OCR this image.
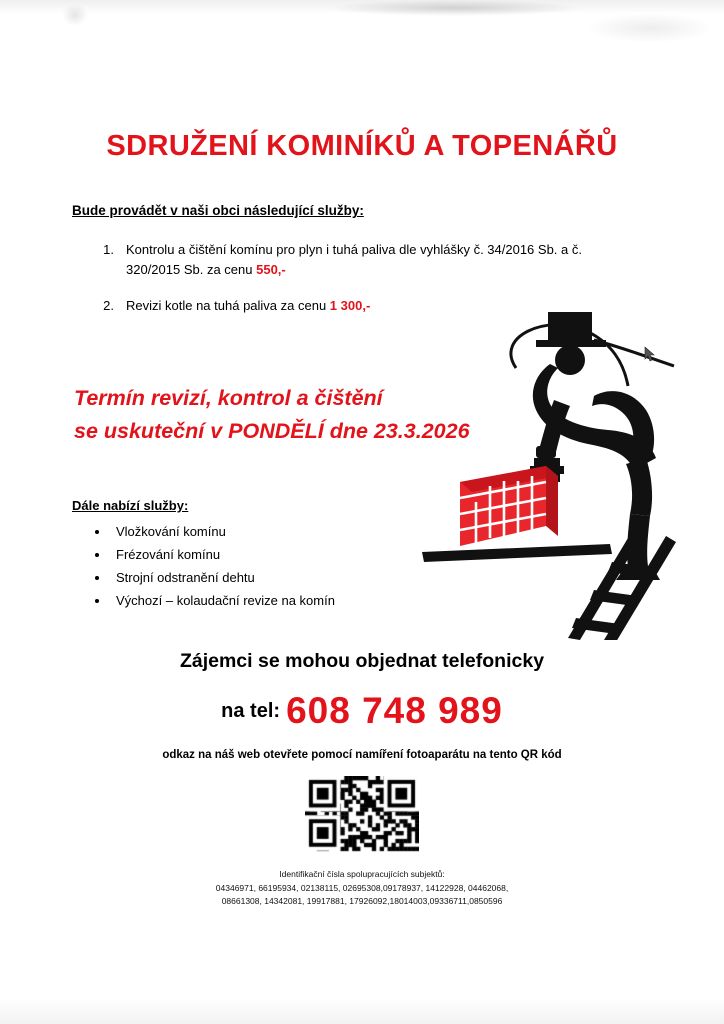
SDRUŽENÍ KOMINÍKŮ A TOPENÁŘŮ
Bude provádět v naši obci následující služby:
1. Kontrolu a čištění komínu pro plyn i tuhá paliva dle vyhlášky č. 34/2016 Sb. a č. 320/2015 Sb. za cenu 550,-
2. Revizi kotle na tuhá paliva za cenu 1 300,-
Termín revizí, kontrol a čištění
se uskuteční v PONDĚLÍ dne 23.3.2026
Dále nabízí služby:
• Vložkování komínu
• Frézování komínu
• Strojní odstranění dehtu
• Výchozí – kolaudační revize na komín
Zájemci se mohou objednat telefonicky
na tel: 608 748 989
odkaz na náš web otevřete pomocí namíření fotoaparátu na tento QR kód
Identifikační čísla spolupracujících subjektů:
04346971, 66195934, 02138115, 02695308,09178937, 14122928, 04462068,
08661308, 14342081, 19917881, 17926092,18014003,09336711,0850596
